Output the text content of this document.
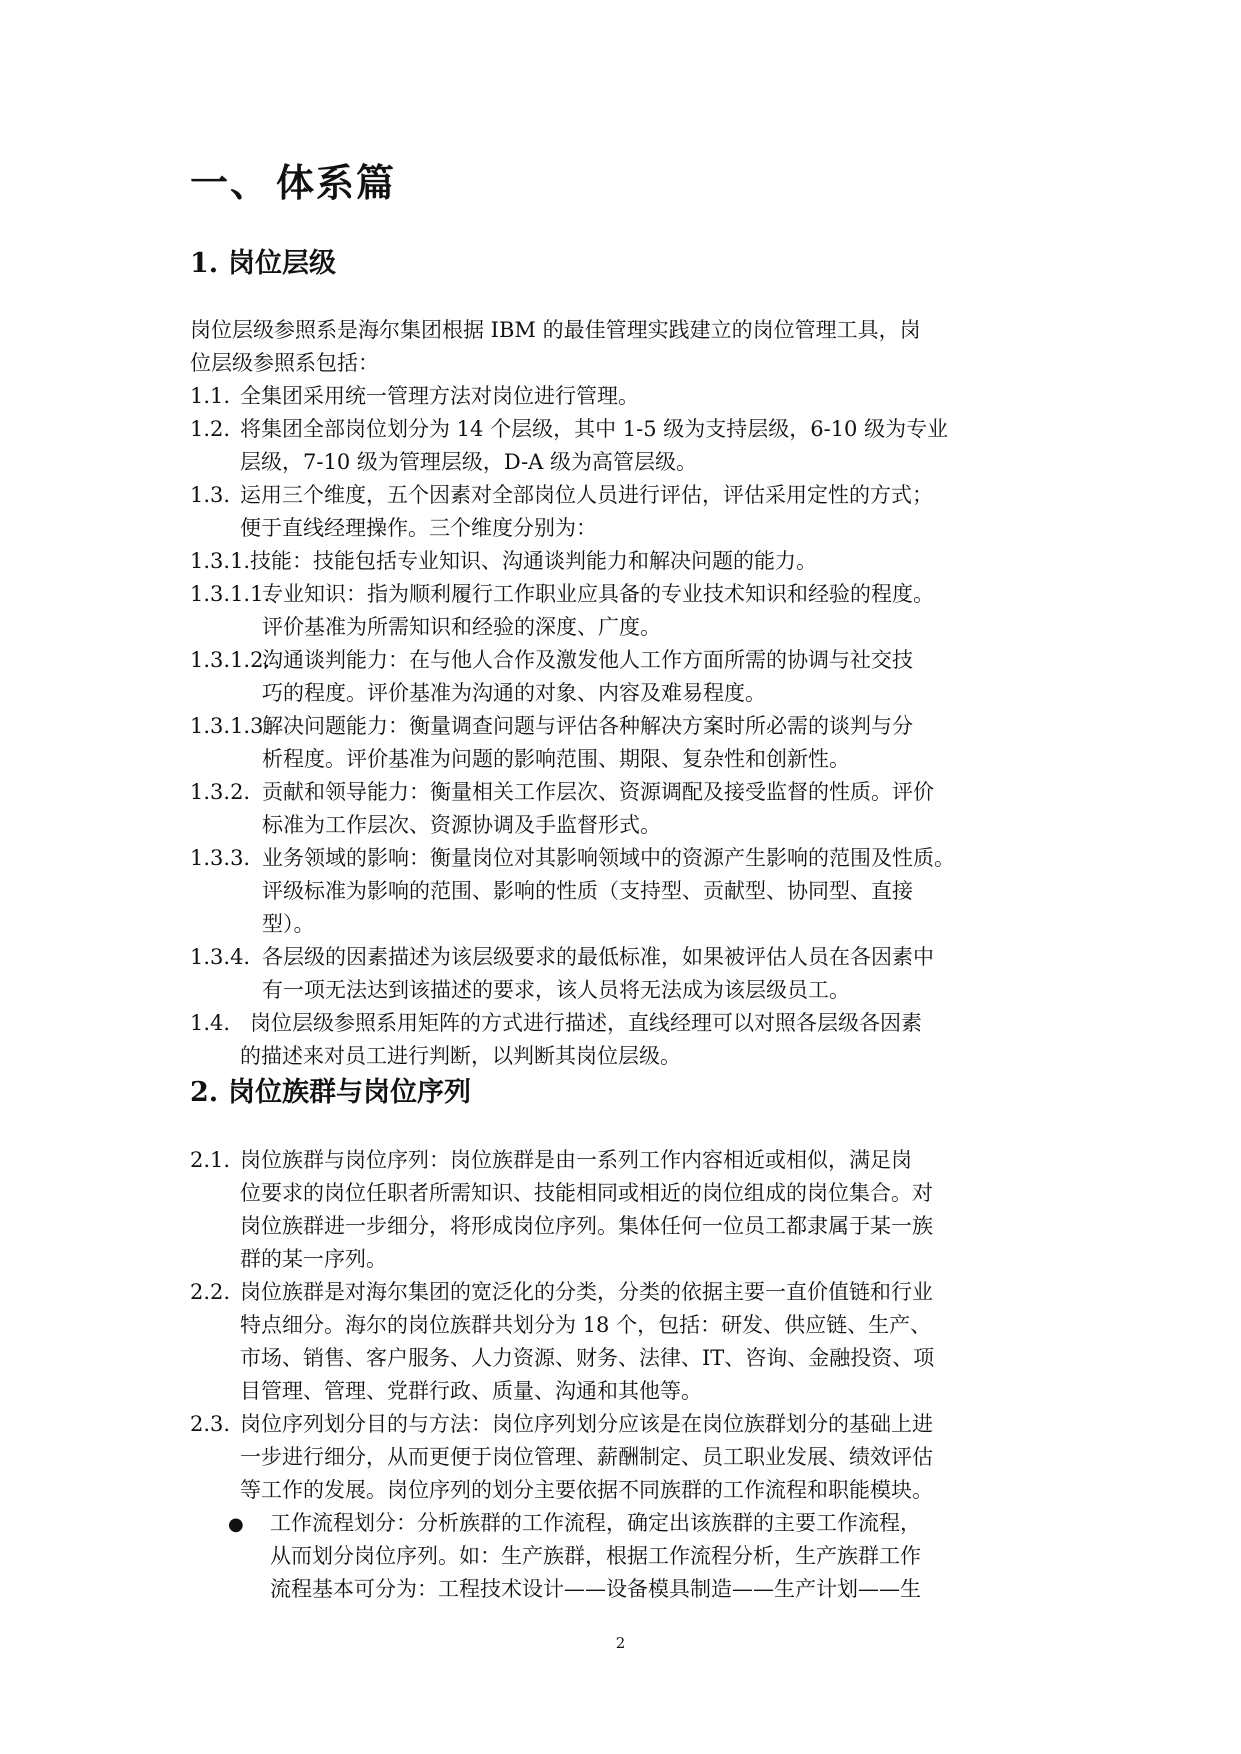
一、 体系篇
1. 岗位层级
岗位层级参照系是海尔集团根据 IBM 的最佳管理实践建立的岗位管理工具，岗
位层级参照系包括：
1.1. 全集团采用统一管理方法对岗位进行管理。
1.2. 将集团全部岗位划分为 14 个层级，其中 1-5 级为支持层级，6-10 级为专业
层级，7-10 级为管理层级，D-A 级为高管层级。
1.3. 运用三个维度，五个因素对全部岗位人员进行评估，评估采用定性的方式；
便于直线经理操作。三个维度分别为：
1.3.1.技能：技能包括专业知识、沟通谈判能力和解决问题的能力。
1.3.1.1.专业知识：指为顺利履行工作职业应具备的专业技术知识和经验的程度。
评价基准为所需知识和经验的深度、广度。
1.3.1.2.沟通谈判能力：在与他人合作及激发他人工作方面所需的协调与社交技
巧的程度。评价基准为沟通的对象、内容及难易程度。
1.3.1.3.解决问题能力：衡量调查问题与评估各种解决方案时所必需的谈判与分
析程度。评价基准为问题的影响范围、期限、复杂性和创新性。
1.3.2. 贡献和领导能力：衡量相关工作层次、资源调配及接受监督的性质。评价
标准为工作层次、资源协调及手监督形式。
1.3.3. 业务领域的影响：衡量岗位对其影响领域中的资源产生影响的范围及性质。
评级标准为影响的范围、影响的性质（支持型、贡献型、协同型、直接
型）。
1.3.4. 各层级的因素描述为该层级要求的最低标准，如果被评估人员在各因素中
有一项无法达到该描述的要求，该人员将无法成为该层级员工。
1.4. 岗位层级参照系用矩阵的方式进行描述，直线经理可以对照各层级各因素
的描述来对员工进行判断，以判断其岗位层级。
2. 岗位族群与岗位序列
2.1. 岗位族群与岗位序列：岗位族群是由一系列工作内容相近或相似，满足岗
位要求的岗位任职者所需知识、技能相同或相近的岗位组成的岗位集合。对
岗位族群进一步细分，将形成岗位序列。集体任何一位员工都隶属于某一族
群的某一序列。
2.2. 岗位族群是对海尔集团的宽泛化的分类，分类的依据主要一直价值链和行业
特点细分。海尔的岗位族群共划分为 18 个，包括：研发、供应链、生产、
市场、销售、客户服务、人力资源、财务、法律、IT、咨询、金融投资、项
目管理、管理、党群行政、质量、沟通和其他等。
2.3. 岗位序列划分目的与方法：岗位序列划分应该是在岗位族群划分的基础上进
一步进行细分，从而更便于岗位管理、薪酬制定、员工职业发展、绩效评估
等工作的发展。岗位序列的划分主要依据不同族群的工作流程和职能模块。
● 工作流程划分：分析族群的工作流程，确定出该族群的主要工作流程，
从而划分岗位序列。如：生产族群，根据工作流程分析，生产族群工作
流程基本可分为：工程技术设计——设备模具制造——生产计划——生
2
